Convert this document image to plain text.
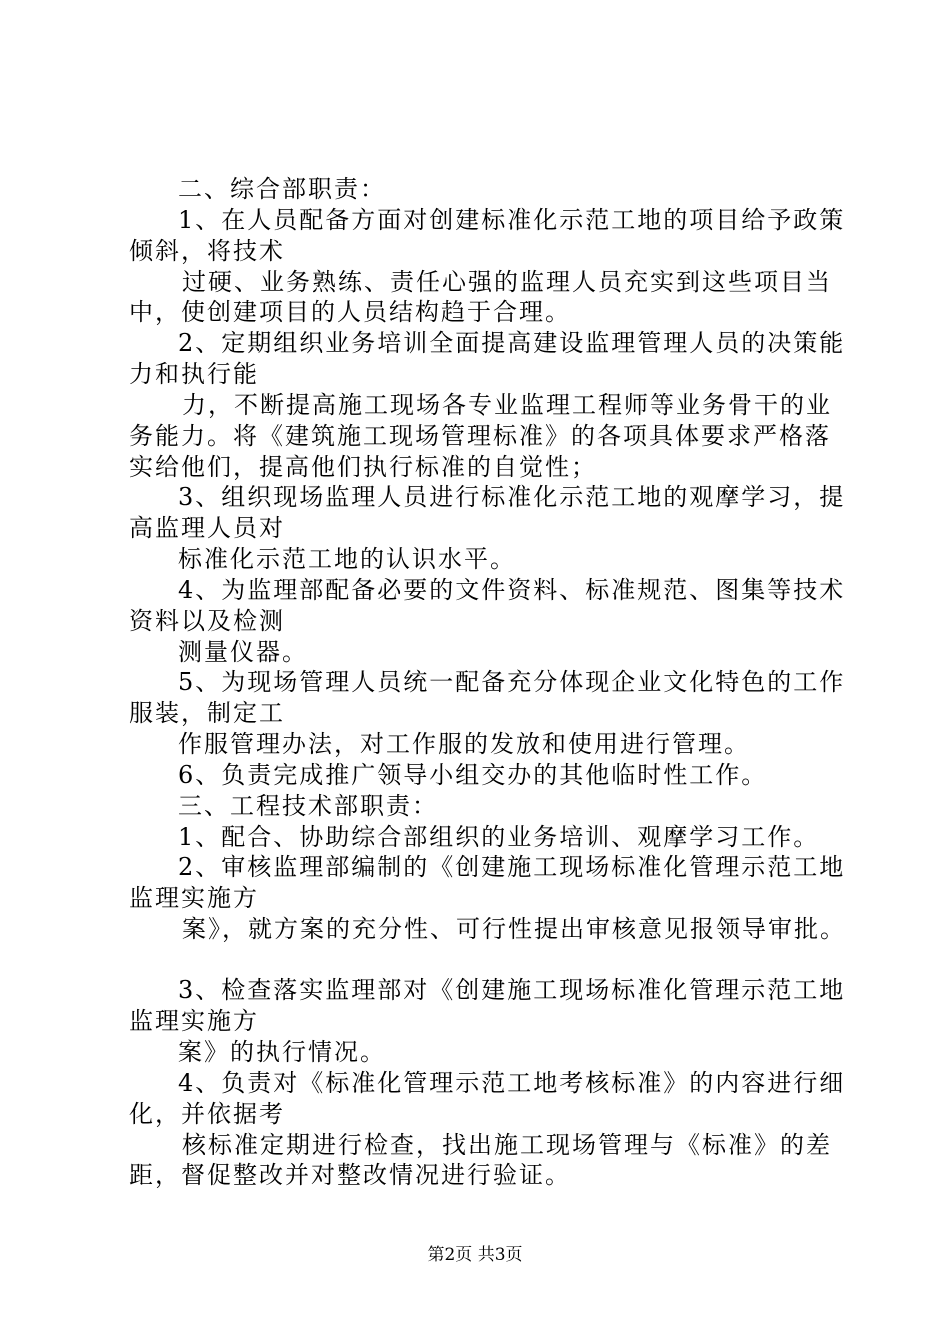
二、综合部职责：
1、在人员配备方面对创建标准化示范工地的项目给予政策
倾斜，将技术
过硬、业务熟练、责任心强的监理人员充实到这些项目当
中，使创建项目的人员结构趋于合理。
2、定期组织业务培训全面提高建设监理管理人员的决策能
力和执行能
力，不断提高施工现场各专业监理工程师等业务骨干的业
务能力。将《建筑施工现场管理标准》的各项具体要求严格落
实给他们，提高他们执行标准的自觉性；
3、组织现场监理人员进行标准化示范工地的观摩学习，提
高监理人员对
标准化示范工地的认识水平。
4、为监理部配备必要的文件资料、标准规范、图集等技术
资料以及检测
测量仪器。
5、为现场管理人员统一配备充分体现企业文化特色的工作
服装，制定工
作服管理办法，对工作服的发放和使用进行管理。
6、负责完成推广领导小组交办的其他临时性工作。
三、工程技术部职责：
1、配合、协助综合部组织的业务培训、观摩学习工作。
2、审核监理部编制的《创建施工现场标准化管理示范工地
监理实施方
案》，就方案的充分性、可行性提出审核意见报领导审批。
3、检查落实监理部对《创建施工现场标准化管理示范工地
监理实施方
案》的执行情况。
4、负责对《标准化管理示范工地考核标准》的内容进行细
化，并依据考
核标准定期进行检查，找出施工现场管理与《标准》的差
距，督促整改并对整改情况进行验证。
第2页 共3页
